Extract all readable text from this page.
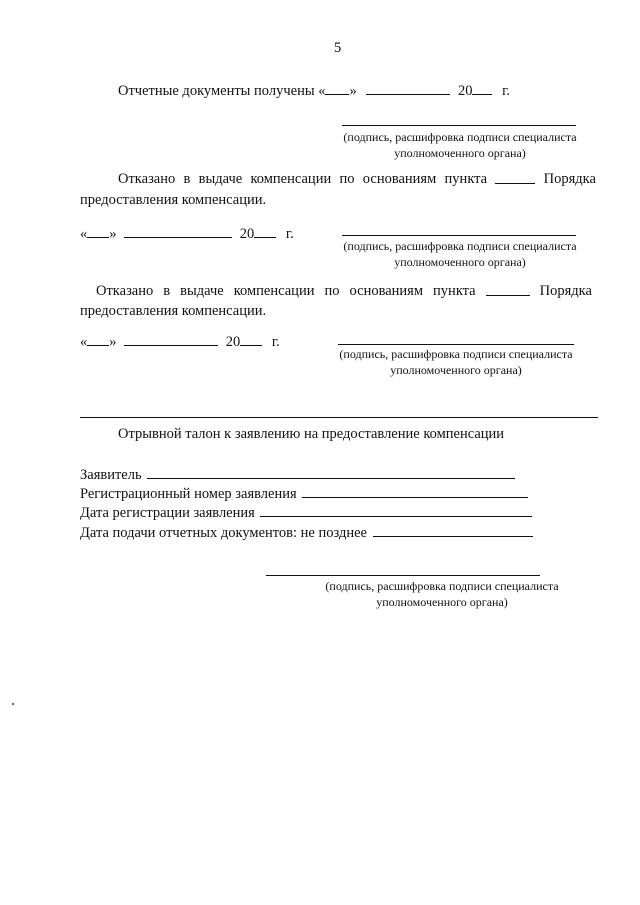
5
Отчетные документы получены « »	20 г.
(подпись, расшифровка подписи специалиста
уполномоченного органа)
Отказано в выдаче компенсации по основаниям пункта	Порядка
предоставления компенсации.
« »	20 г.
(подпись, расшифровка подписи специалиста
уполномоченного органа)
Отказано в выдаче компенсации по основаниям пункта	Порядка
предоставления компенсации.
« »	20 г.
(подпись, расшифровка подписи специалиста
уполномоченного органа)
Отрывной талон к заявлению на предоставление компенсации
Заявитель
Регистрационный номер заявления
Дата регистрации заявления
Дата подачи отчетных документов: не позднее
(подпись, расшифровка подписи специалиста
уполномоченного органа)
